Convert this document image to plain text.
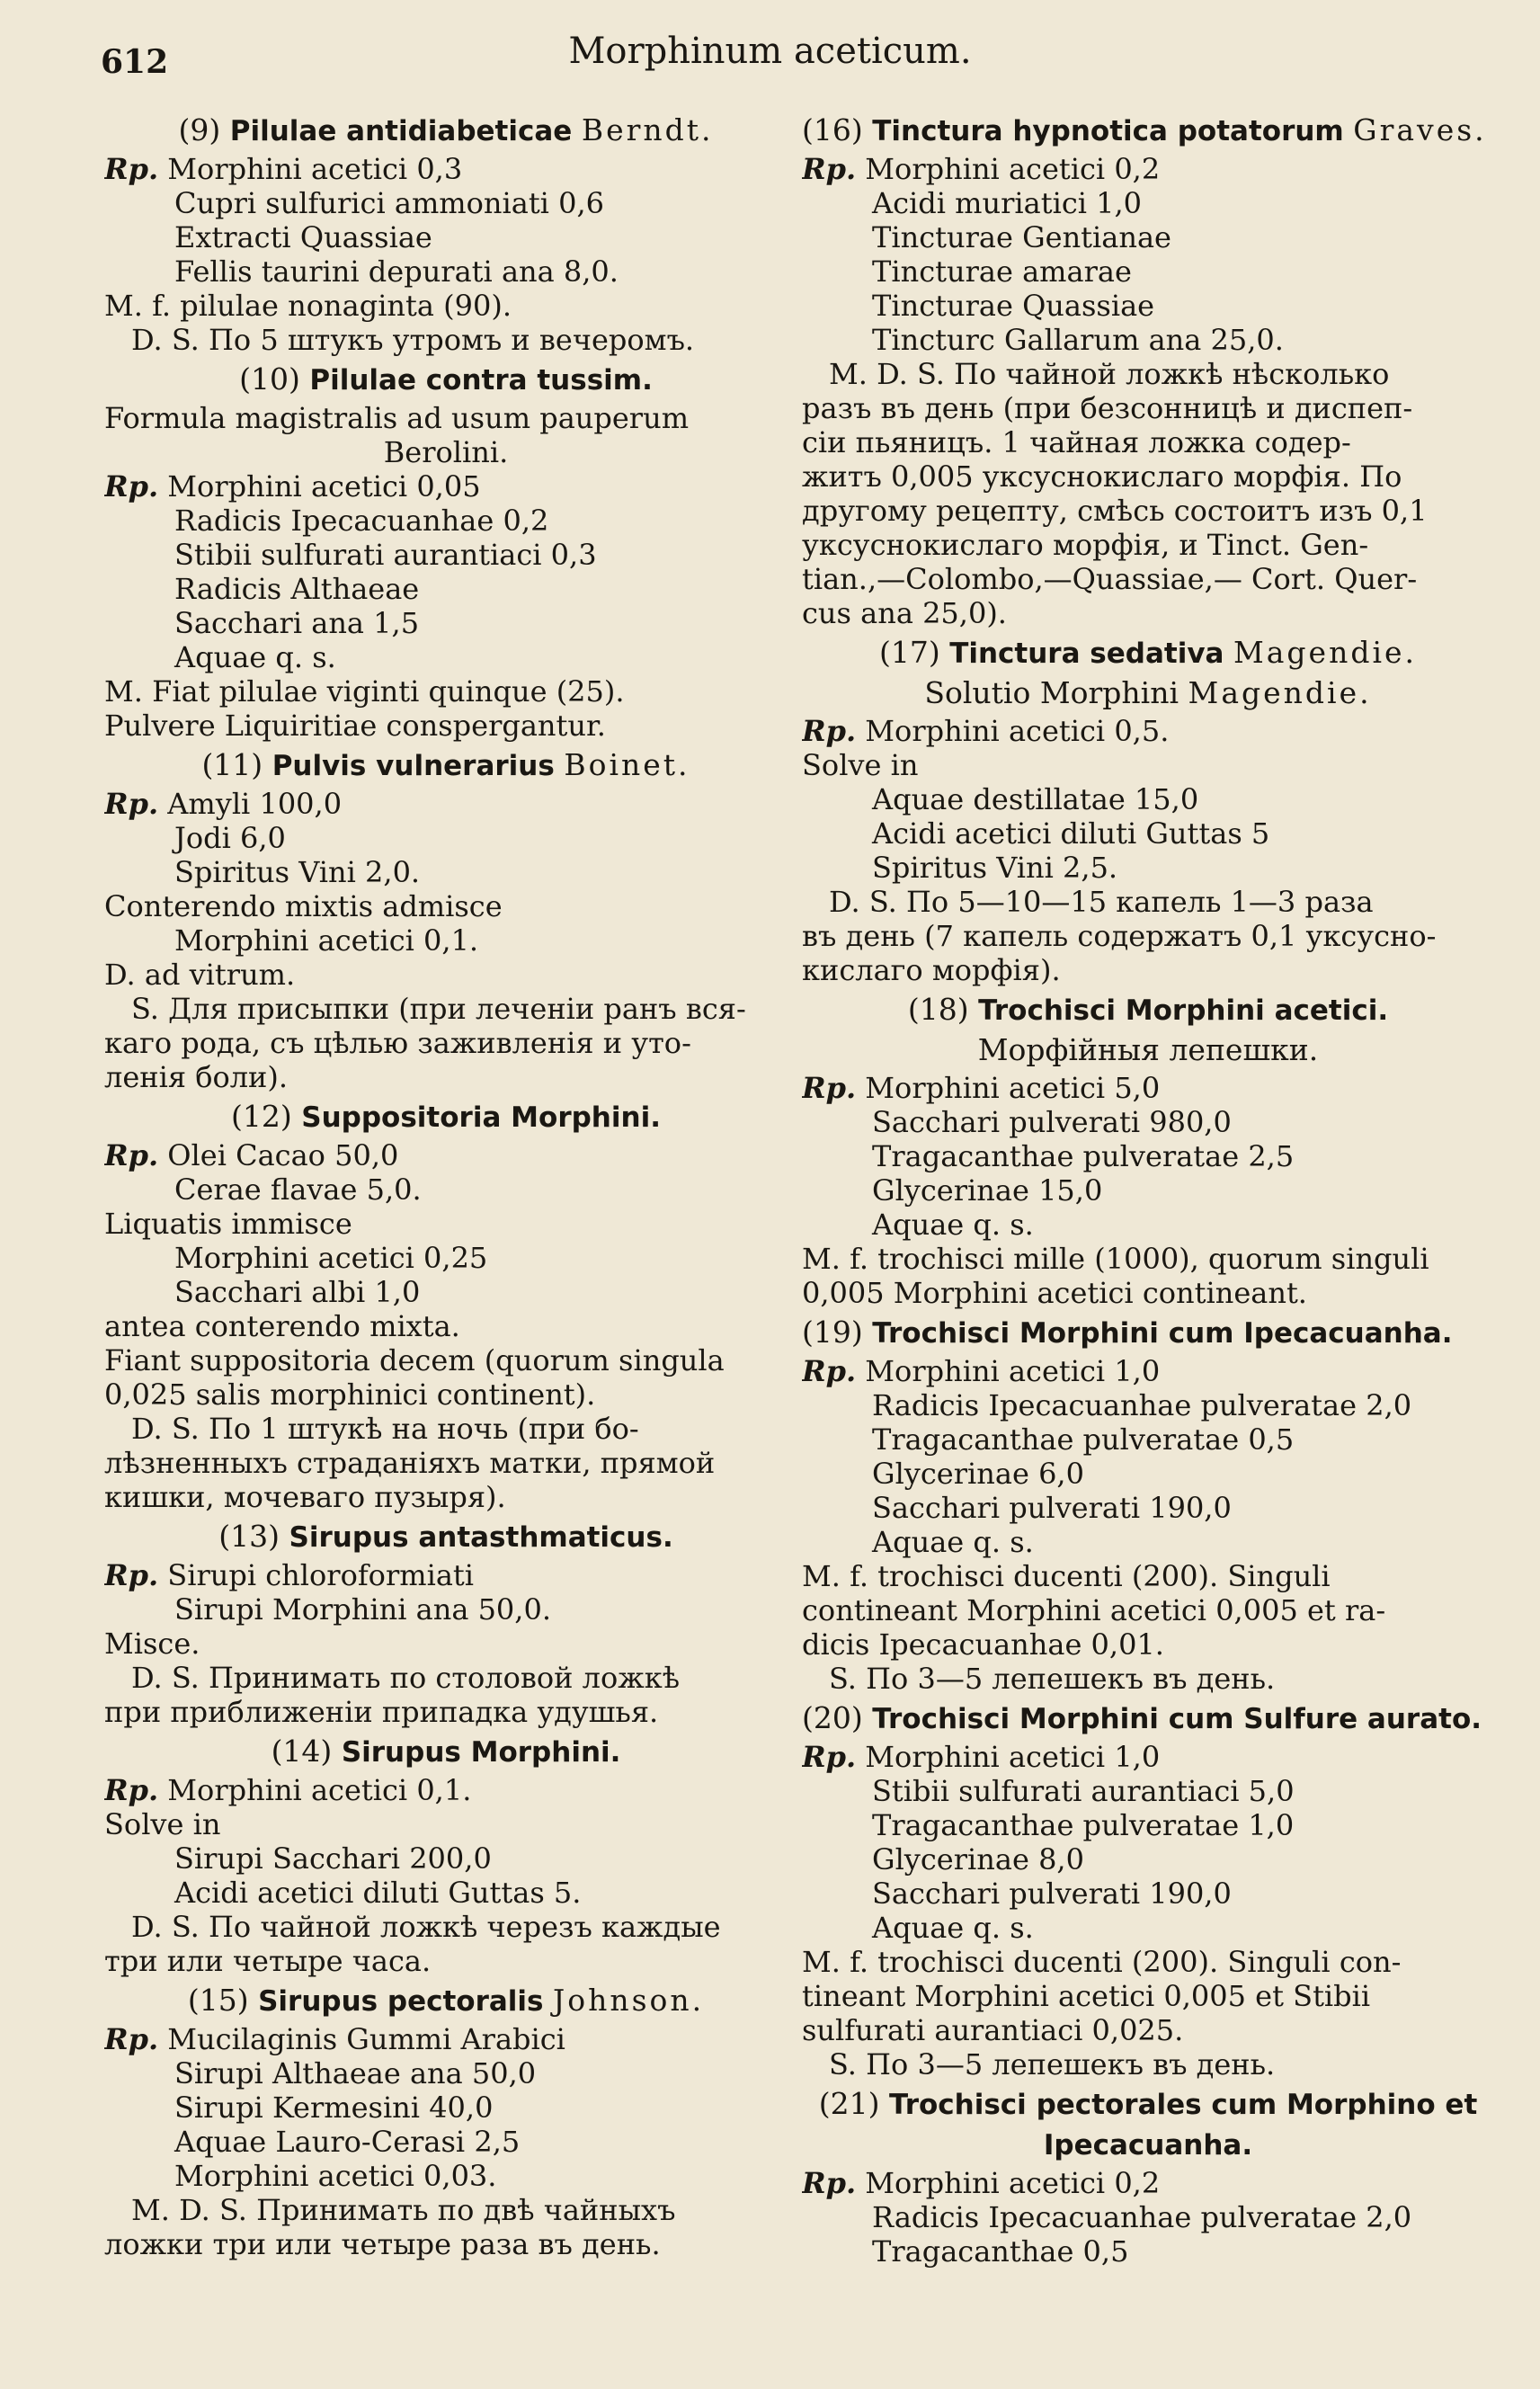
612	Morphinum aceticum.
(9) Pilulae antidiabeticae Berndt.
Rp. Morphini acetici 0,3
Cupri sulfurici ammoniati 0,6
Extracti Quassiae
Fellis taurini depurati ana 8,0.
M. f. pilulae nonaginta (90).
D. S. По 5 штукъ утромъ и вечеромъ.
(10) Pilulae contra tussim.
Formula magistralis ad usum pauperum
Berolini.
Rp. Morphini acetici 0,05
Radicis Ipecacuanhae 0,2
Stibii sulfurati aurantiaci 0,3
Radicis Althaeae
Sacchari ana 1,5
Aquae q. s.
M. Fiat pilulae viginti quinque (25).
Pulvere Liquiritiae conspergantur.
(11) Pulvis vulnerarius Boinet.
Rp. Amyli 100,0
Jodi 6,0
Spiritus Vini 2,0.
Conterendo mixtis admisce
Morphini acetici 0,1.
D. ad vitrum.
S. Для присыпки (при леченіи ранъ вся-
каго рода, съ цѣлью заживленія и уто-
ленія боли).
(12) Suppositoria Morphini.
Rp. Olei Cacao 50,0
Cerae flavae 5,0.
Liquatis immisce
Morphini acetici 0,25
Sacchari albi 1,0
antea conterendo mixta.
Fiant suppositoria decem (quorum singula
0,025 salis morphinici continent).
D. S. По 1 штукѣ на ночь (при бо-
лѣзненныхъ страданіяхъ матки, прямой
кишки, мочеваго пузыря).
(13) Sirupus antasthmaticus.
Rp. Sirupi chloroformiati
Sirupi Morphini ana 50,0.
Misce.
D. S. Принимать по столовой ложкѣ
при приближеніи припадка удушья.
(14) Sirupus Morphini.
Rp. Morphini acetici 0,1.
Solve in
Sirupi Sacchari 200,0
Acidi acetici diluti Guttas 5.
D. S. По чайной ложкѣ черезъ каждые
три или четыре часа.
(15) Sirupus pectoralis Johnson.
Rp. Mucilaginis Gummi Arabici
Sirupi Althaeae ana 50,0
Sirupi Kermesini 40,0
Aquae Lauro-Cerasi 2,5
Morphini acetici 0,03.
M. D. S. Принимать по двѣ чайныхъ
ложки три или четыре раза въ день.
(16) Tinctura hypnotica potatorum Graves.
Rp. Morphini acetici 0,2
Acidi muriatici 1,0
Tincturae Gentianae
Tincturae amarae
Tincturae Quassiae
Tincturc Gallarum ana 25,0.
M. D. S. По чайной ложкѣ нѣсколько
разъ въ день (при безсонницѣ и диспеп-
сіи пьяницъ. 1 чайная ложка содер-
житъ 0,005 уксуснокислаго морфія. По
другому рецепту, смѣсь состоитъ изъ 0,1
уксуснокислаго морфія, и Tinct. Gen-
tian.,—Colombo,—Quassiae,— Cort. Quer-
cus ana 25,0).
(17) Tinctura sedativa Magendie.
Solutio Morphini Magendie.
Rp. Morphini acetici 0,5.
Solve in
Aquae destillatae 15,0
Acidi acetici diluti Guttas 5
Spiritus Vini 2,5.
D. S. По 5—10—15 капель 1—3 раза
въ день (7 капель содержатъ 0,1 уксусно-
кислаго морфія).
(18) Trochisci Morphini acetici.
Морфійныя лепешки.
Rp. Morphini acetici 5,0
Sacchari pulverati 980,0
Tragacanthae pulveratae 2,5
Glycerinae 15,0
Aquae q. s.
M. f. trochisci mille (1000), quorum singuli
0,005 Morphini acetici contineant.
(19) Trochisci Morphini cum Ipecacuanha.
Rp. Morphini acetici 1,0
Radicis Ipecacuanhae pulveratae 2,0
Tragacanthae pulveratae 0,5
Glycerinae 6,0
Sacchari pulverati 190,0
Aquae q. s.
M. f. trochisci ducenti (200). Singuli
contineant Morphini acetici 0,005 et ra-
dicis Ipecacuanhae 0,01.
S. По 3—5 лепешекъ въ день.
(20) Trochisci Morphini cum Sulfure aurato.
Rp. Morphini acetici 1,0
Stibii sulfurati aurantiaci 5,0
Tragacanthae pulveratae 1,0
Glycerinae 8,0
Sacchari pulverati 190,0
Aquae q. s.
M. f. trochisci ducenti (200). Singuli con-
tineant Morphini acetici 0,005 et Stibii
sulfurati aurantiaci 0,025.
S. По 3—5 лепешекъ въ день.
(21) Trochisci pectorales cum Morphino et
Ipecacuanha.
Rp. Morphini acetici 0,2
Radicis Ipecacuanhae pulveratae 2,0
Tragacanthae 0,5
